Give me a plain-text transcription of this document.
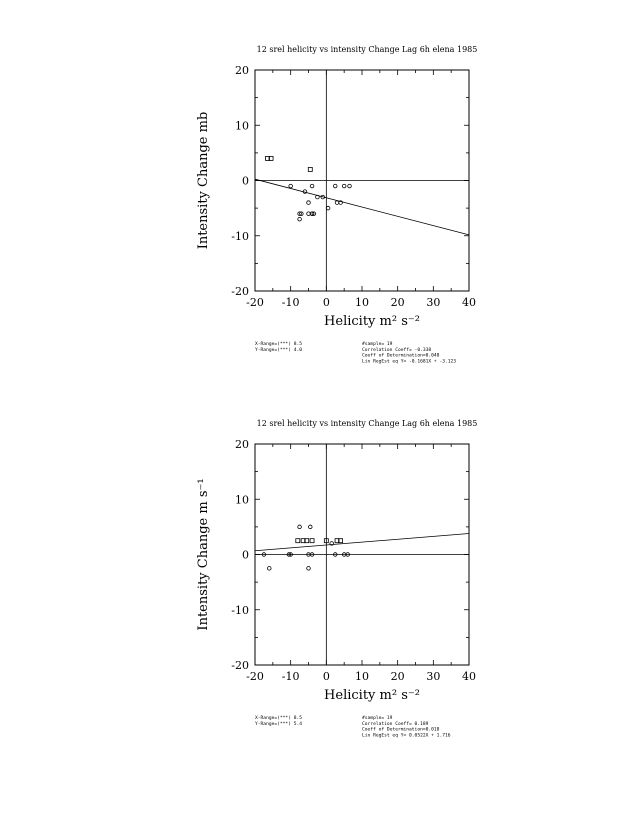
12 srel helicity vs intensity Change Lag 6h elena 1985
-20 -10 0 10 20 30 40
-20
-10
0
10
20
Helicity m² s⁻²
Intensity Change mb
X-Range=(***) 8.5
Y-Range=(***) 4.0
#sample= 19
Correlation Coeff= -0.338
Coeff of Determination=0.048
Lin RegEst eq Y= -0.1681X + -3.123
12 srel helicity vs intensity Change Lag 6h elena 1985
-20 -10 0 10 20 30 40
-20
-10
0
10
20
Helicity m² s⁻²
Intensity Change m s⁻¹
X-Range=(***) 8.5
Y-Range=(***) 5.4
#sample= 19
Correlation Coeff= 0.189
Coeff of Determination=0.018
Lin RegEst eq Y= 0.0522X + 1.716
